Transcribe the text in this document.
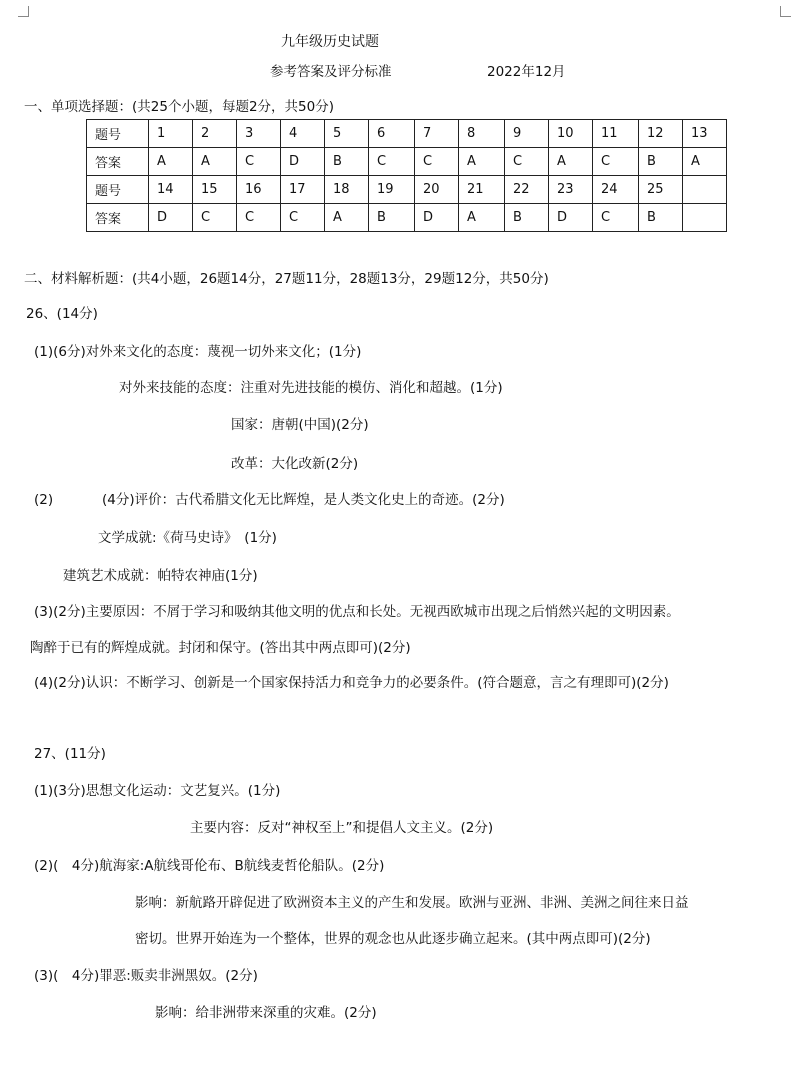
九年级历史试题
参考答案及评分标准	2022年12月
一、单项选择题：(共25个小题，每题2分，共50分)
题号	1	2	3	4	5	6	7	8	9	10	11	12	13
答案	A	A	C	D	B	C	C	A	C	A	C	B	A
题号	14	15	16	17	18	19	20	21	22	23	24	25	
答案	D	C	C	C	A	B	D	A	B	D	C	B	
二、材料解析题：(共4小题，26题14分，27题11分，28题13分，29题12分，共50分)
26、(14分)
(1)(6分)对外来文化的态度：蔑视一切外来文化；(1分)
对外来技能的态度：注重对先进技能的模仿、消化和超越。(1分)
国家：唐朝(中国)(2分)
改革：大化改新(2分)
(2)	(4分)评价：古代希腊文化无比辉煌，是人类文化史上的奇迹。(2分)
文学成就:《荷马史诗》　(1分)
建筑艺术成就：帕特农神庙(1分)
(3)(2分)主要原因：不屑于学习和吸纳其他文明的优点和长处。无视西欧城市出现之后悄然兴起的文明因素。
陶醉于已有的辉煌成就。封闭和保守。(答出其中两点即可)(2分)
(4)(2分)认识：不断学习、创新是一个国家保持活力和竞争力的必要条件。(符合题意，言之有理即可)(2分)
27、(11分)
(1)(3分)思想文化运动：文艺复兴。(1分)
主要内容：反对“神权至上”和提倡人文主义。(2分)
(2)(　4分)航海家:A航线哥伦布、B航线麦哲伦船队。(2分)
影响：新航路开辟促进了欧洲资本主义的产生和发展。欧洲与亚洲、非洲、美洲之间往来日益
密切。世界开始连为一个整体，世界的观念也从此逐步确立起来。(其中两点即可)(2分)
(3)(　4分)罪恶:贩卖非洲黑奴。(2分)
影响：给非洲带来深重的灾难。(2分)
